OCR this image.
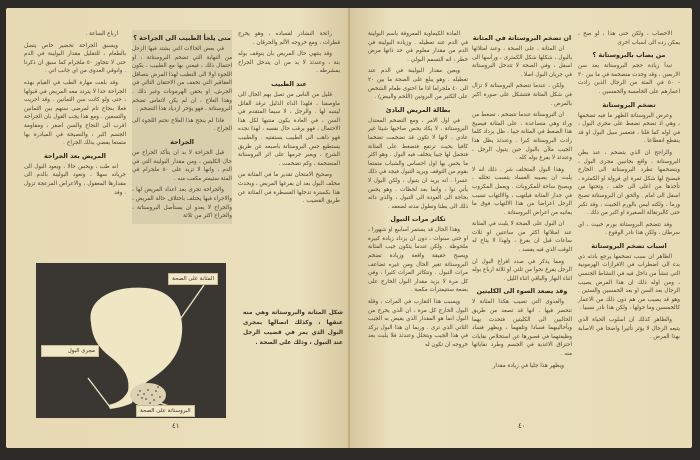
رائحة النشادر لفساده ، وهو يخرج قطرات ، ومع خروجه الألم والحرقان .

وقد ينتهي حال المريض بان يتوقف بوله بتة ، وعندئذ لا بد من ان يتدخل الجراح بمشرطه .

عند الطبيب

قليل من الناس من تصل بهم الحال الى ماوصفنا ، فلهذا الداء الذليل ترقد القاتل ليتنبه لها . والرجل ، لا سيما المتقدم في السن ، في العادة يكون منتبها لكل هذا الاحتمال ، فهو يرقب حال نفسه ، لهذا نجده فهو ذاهب الى الطبيب يستفتيه . والطبيب يستطيع جس البروستاتة باصبعه عن طريق الشرج ، ويعبر جرمها على اثر البروستاتة المتضخمة ، وكم تضخمت .

وصحيح الامتحان تقدير ما في المثانة من مخلف البول بعد ان يفرغها المريض ، ويحدث هذا بكسترة تدخلها القسطرة في المثانة عن طريق القضيب .

متى يلجأ الطبيب الى الجراحة ؟

في بعض الحالات التي يشتد فيها الزحل من النهاية التي تضخم البروستاتة ، او احتمال ذلك ، فيعني بها مع الطبيب ، يكون اللجوء اولا الى التطبب لهذا المرض بتصاقل العقاقير التي تخفف من الاحتقان التالي في الجرش، او بحقن الهرمونات وغير ذلك . وهذا العلاج ، ان لم يكن لاتعاس تضخم البروستاتة ، فهو يؤخر ازدياد هذا التضخم .

فاذا لم ينجح هذا العلاج تحتم اللجوء الى الجراح .

الجراحة

قبل الجراحة لا بد ان يتأكد الجراح من حال الكليتين ، ومن مقدار البولينة التي في الدم ، وانها لا تزيد على ٥٠ ملجرام في المئة ستيمتر مكعب منه .

والجراحة تجرى بعد اعداد المريض لها ، والاجراء فيها يختلف باختلاف حالة المريض ، والجراح لا يعدو ان يستأصل البروستاتة ، والجراح اكثر من ثلاثة

ارباع الساعة .

ويسبق الجراحة تحضير خاص يتصل بالطعام ، للتقليل مقدار البولينة في الدم حتى لا تتجاوز ٥٠ ملجرام كما سبق ان ذكرنا . وانوقي العدوى من اي جانب اتي .

وقد بلغت مهارة الطب في القيام بهذه الجراحة حدا لا يتردد معه المريض في قبولها ، حتى ولو كانت سن الثمانين . وقد اجريت فعلا بنجاح تام لمرضى سنهم بين الثمانين والتسعين . ومع هذا يجب القول بان الجراحة اقرب الى النجاح والسن اصغر ، ومقاومة الجسم اكبر ، والنصيحة في المبادرة بها متمتعا بفضي بذلك الجراح .

المريض بعد الجراحة

انه طب ، ويحس حالا ، ويعود البول الى جريانه سهلا ، وتعود البولينة بالدم الى مقدارها المعقول ، والاعراض المزعجة تزول . وقد

المثانة على الصحة
مجرى البول
البروستاتة على الصحة
شكل المثانة والبروستاتة وهي منه عنقها ، وكذلك اتصالها بمجرى البول الذي يمر في قضيب الرجل عند التبول ، وذلك على الصحة .
٤١

الاخصاب ، ولكن حتى هذا ، لو صح ، يمكن رده الى اسباب اخرى

من يصاب بالبروستاتة ؟

تبدأ زيادة حجم البروستاتة بعد سن الاربعين ، وقد وجدت متضخمة في ما بين ٣٠ - ٥٠ في المئة من الرجال الذين زادت اعمارهم على الخامسة والخمسين .

تضخم البروستاتة

وعرض البروستاتة الظهر ما فيه تضخمها ، وهي اذ تضخم تضغط على مجرى البول ، في اوله كما قلنا ، فتعسر سيل البول او قد ينقطع انقطاعا .

والراجح ان الذي يتضخم ، عند بطن البروستاتة ، واقع بجانبين مجرى البول ، ويتضخمها تطرد البروستاتة الى الخارج فيصبح لها شكل ثمرة اي فرولة او الكمثرة ، تأخذها من اعلى الى خلف ، وتحتها من اسفل الى امام . والحق ان البروستاتة تصبح ورما ، ولكنه ليس بالورم الخبيث ، وقد تكبر حتى كالبرتقالة الصغيرة او اكبر من ذلك .

وقد تتضخم البروستاتة بورم خبيث ، اي سرطان ، ولكن هذا نادر الوقوع .

اسباب تضخم البروستاتة

الظاهر ان سبب تضخمها يرجع بادئه ذي بدء الى اضطراب في الافرازات الهرمونية التي تنشأ من داخل فيه في النشاط الجنسي ، ومن اوله ذلك ان هذا المرض يصيب الرجال بعد السن او بعد الخمسين والستين . وهو قد يصيب من هم دون ذلك من الاعمار كالخمسين وما حولها ، ولكن هذا نادر نسبيا .

والظاهر كذلك ان اسلوب الحياة الذي يتبعه الرجال لا يؤثر تأثيرا واضحا في الاصابة بهذا المرض .

ان تضخم البروستاتة في المثانة

ان المثانة ، على الصحة ، وعند امتلائها بالبول ، شكلها شكل الكمثرى ، ورأسها الى اسفل ، وفي الصحة لا تتدخل البروستاتة في جريان البول اصلا .

ولكن ، عندما تتضخم البروستاتة لا تزال في شكل المثانة فتتشكل على صورة اكبر بالمرض .

ان البروستاتة عندما تتضخم ، تضغط من وراء وهي متصاعدة ، على المثانة فيصبح هذا الضغط في المثانة جيبا ، ظل يزداد كلما زادت البروستاتة كبرا . وعندئذ يظل هذا الجيب ملآن بالبول حين يتبول الرجل ، وعندئذ لا يفرغ بوله كله .

وهذا البول المتخلف شر . ذلك انه لا يلبث ان يصيبه الفساد بتسبب تحلله ، ويصبح ساحة للمكروبات . ويعمل المكروب في جدار المثانة فيلتهب ، والالتهاب تسبب الرجل اعراضا من هذا الالتهاب فوق ما يعانيه من اعراض البروستاتة .

ان البول على الصحة لا يلبث في المثانة عند امتلائها اكثر من ساعتين او ثلاث ساعات قبل ان يفرغ ، ولهذا لا يتاح له الوقت الذي فيه يفسد .

ومما يذكر في صدد افراغ البول ان الرجل يفرغ نحوا من ثلثي او ثلاثة ارباع بوله اثناء النهار والباقي اثناء الليل .

وقد يصعد السوء الى الكليتين

والعدوى التي تصيب هكذا المثانة لا تنحصر فيها . انها قد تصعد من طريق الحالبين الى الكليتين فتحدث بهما وبأحاليبهما فسادا وتلفهما ، ويظهر فساد وظيفتهما في قصورها عن استخلاص نفايات احتراق الاغذية في الجسم وطرد نفاياتها منه .

ويظهر هذا جليا في زيادة مقدار

المادة الكيماوية المعروفة باسم البولينة في الدم عند تعطيله . وزيادة البولينة في الدم من مقدار معلوم في حد ذاتها مرض خطر ، انه التسمم البولي .

ويعين مقدار البولينة في الدم عند تعطيله . وهو يبلغ على الصحة ما بين ٢٠ الى ٤٠ ملجراما اذا ما احتوى طعام الشخص على الكثير من البروتين (اللحم والبيض) .

بطالة المريض البادئ

في اول الامر ، ومع التضخم المعتدل البروستاتة ، لا يكاد يحس صاحبها شيئا غير عادي . لانها لا تكون قد تضخمت تضخما كافيا بحيث ترتفع فتضغط على المثانة فتحمل لها جيبا يتخلف فيه البول . وهو اكثر ما يحس بها اول احساس والشباب متمتعا بقوم من التوقف ويريد التبول فيجد في ذلك عسرا . انه يريد ان يتبول ، ولكن البول لا يأتي توا ، وانما بعد لحظات . وهو يحس بحاجة الى العودة الى التبول ، والذي دائه ذلك الى بطنا وتطول مدته لضعفه .

تكاثر مرات التبول

وهذا الحال قد يستمر اسابيع او شهورا ، او حتى سنوات ، دون ان يزداد زيادة كبيرة ملحوظة . ولكن عندما يتكون جيب المثانة ويصبح حقيقة واقعة وزيادة تضخم البروستاتة تغير الحال ومن غيره تضاعف مرات التبول . وتتكاثر المرات كثيرا ، وفي كل مرة لا يزيد مقدار البول الخارج على بضعة سنتيمترات مكعبة .

ويسبب هذا التقارب في المرات ، وقلة البول الخارج كل مرة ، ان الذي يخرج من البول انما هو المقدار الذي يفيض به الجيب الثاني الذي ترى . وربما ان هذا البول يركد في هذا الجيب ويتحلل وعندئذ فلا يلبث بعد خروجه ان تكون له

٤٠
